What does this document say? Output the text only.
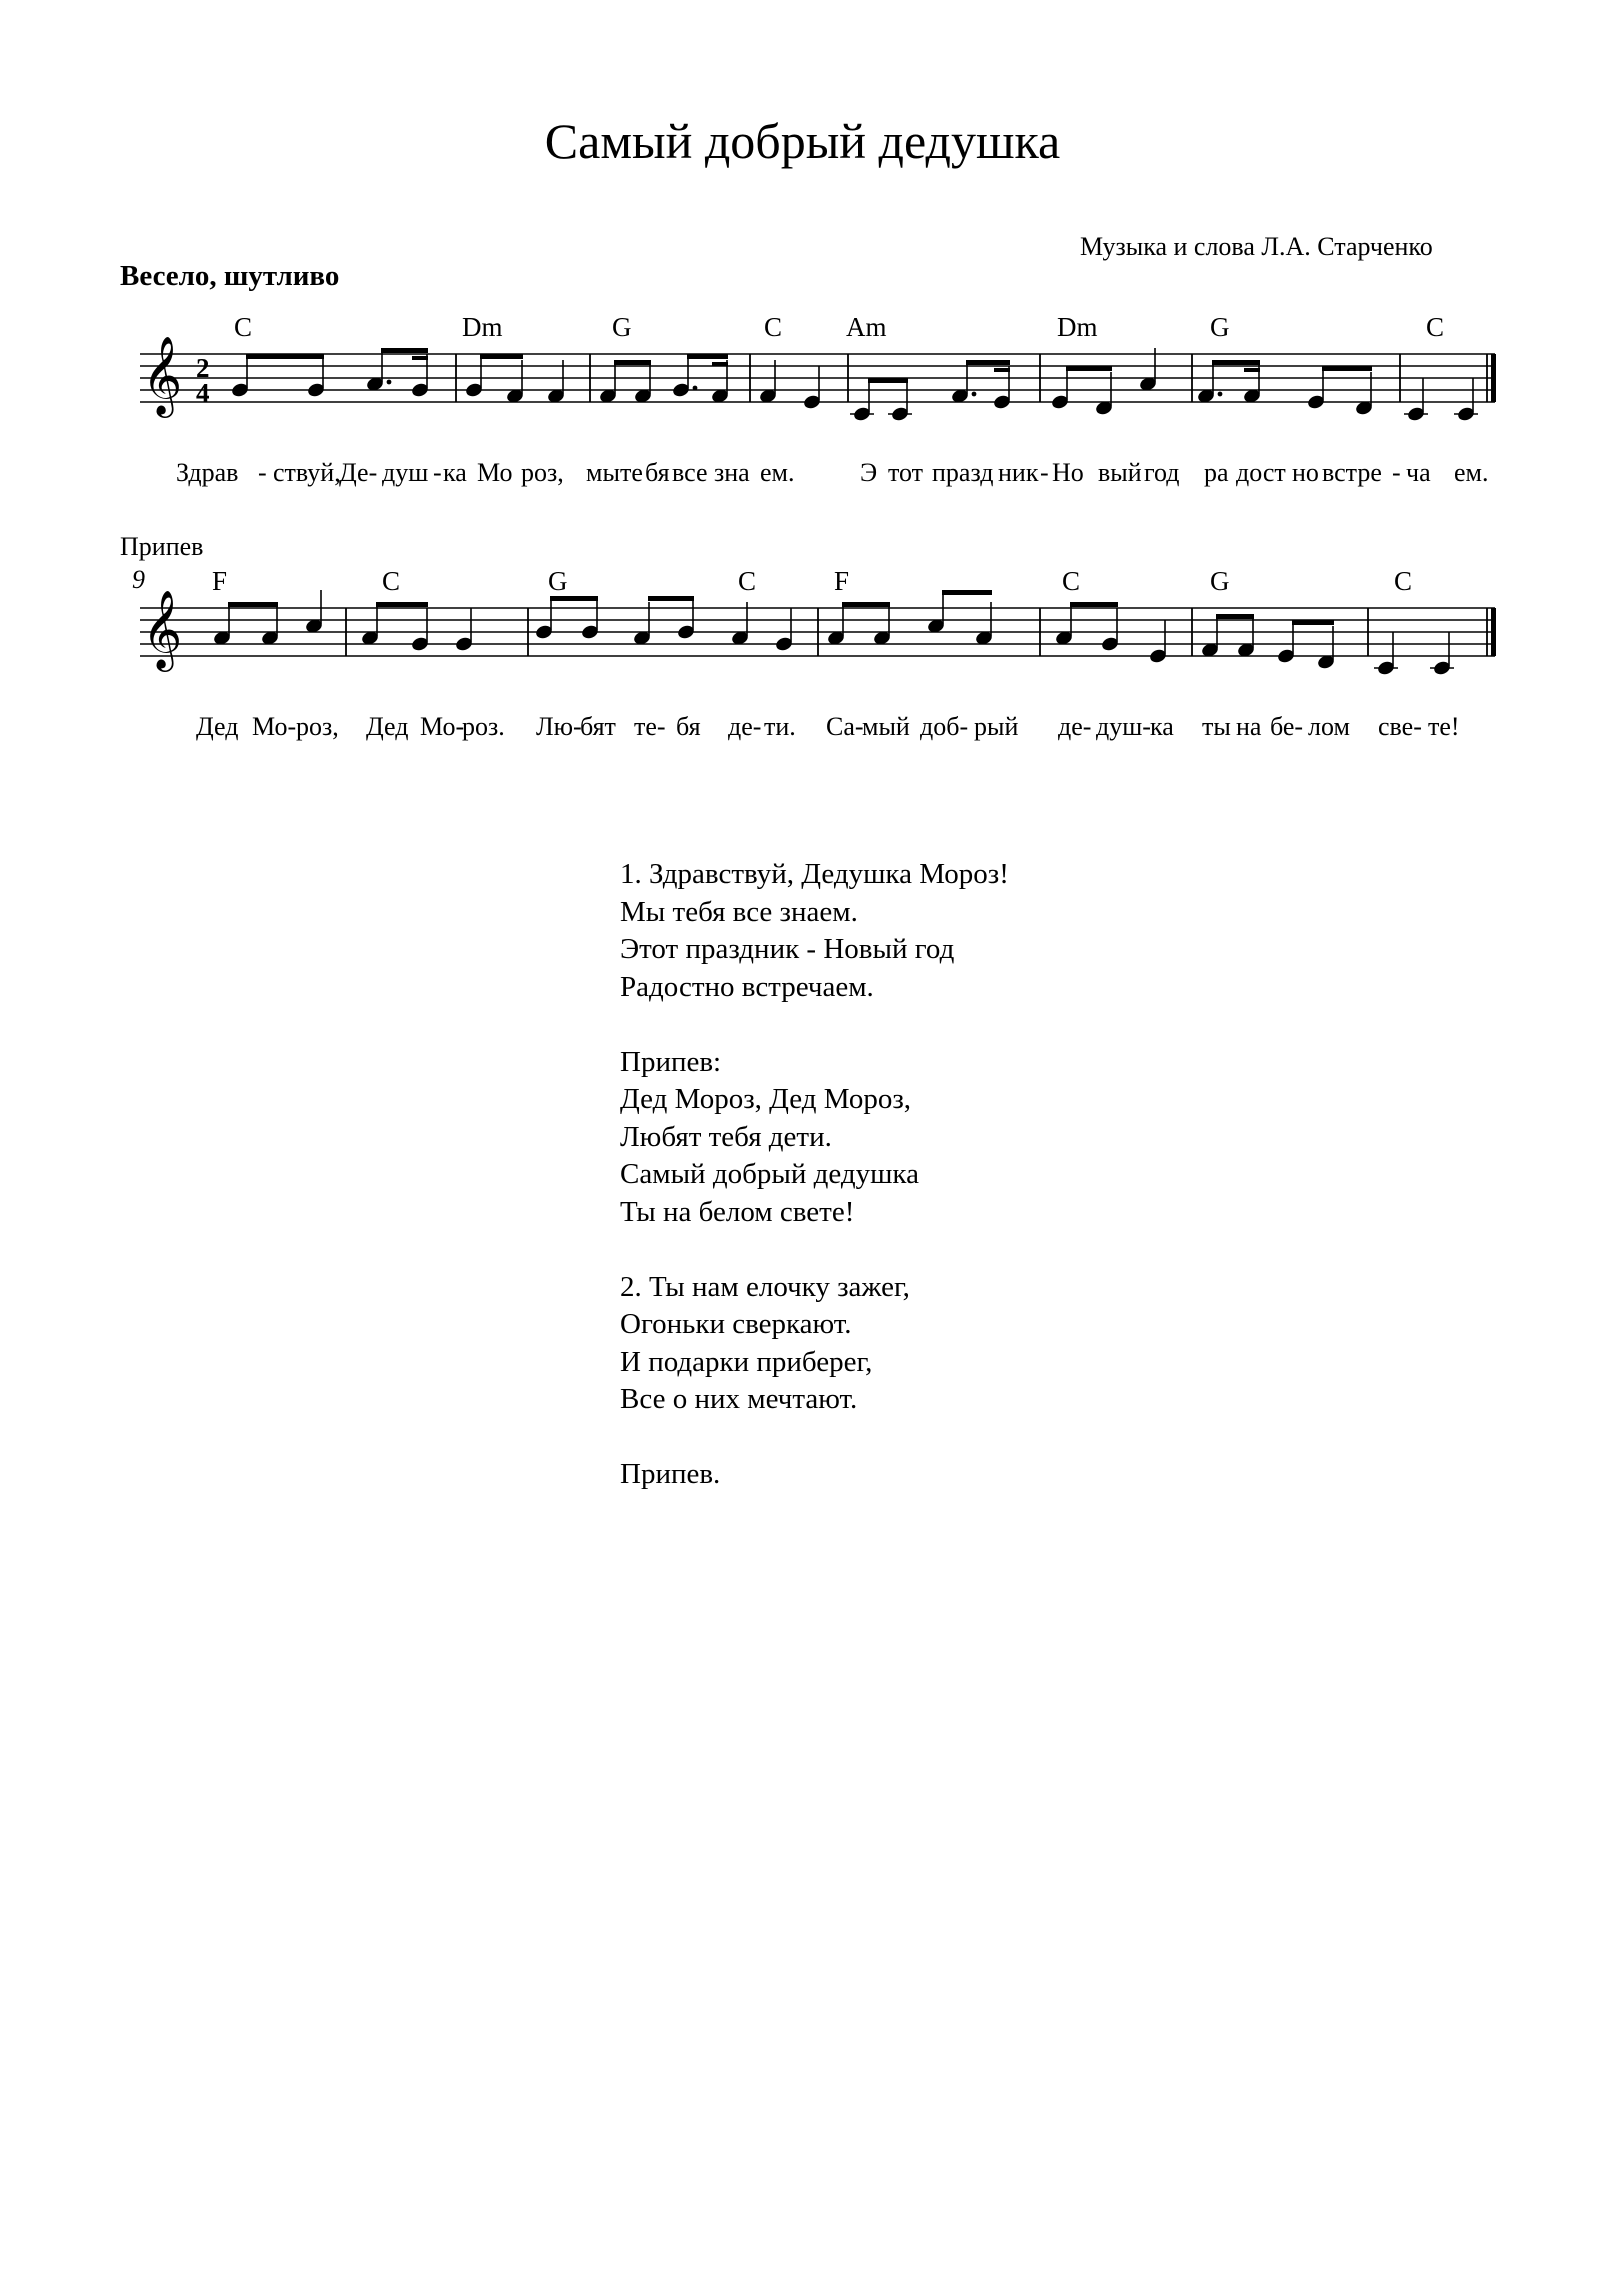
Самый добрый дедушка
Музыка и слова Л.А. Старченко
Весело, шутливо
C	Dm	G	C Am	Dm	G	C
Здрав - ствуй,
Де- душ - ка Мо роз, мы те бя все зна ем.	Э тот празд ник - Но вый год ра дост но встре - ча ем.
Припев
9 F	C	G	C	F	C	G	C
Дед Мо- роз, Дед Мо-
роз. Лю-
бят те- бя де- ти. Са-
мый доб- рый де- душ- ка ты на бе- лом све- те!
𝄞
𝄞
2
4
1. Здравствуй, Дедушка Мороз!
Мы тебя все знаем.
Этот праздник - Новый год
Радостно встречаем.
Припев:
Дед Мороз, Дед Мороз,
Любят тебя дети.
Самый добрый дедушка
Ты на белом свете!
2. Ты нам елочку зажег,
Огоньки сверкают.
И подарки приберег,
Все о них мечтают.
Припев.
